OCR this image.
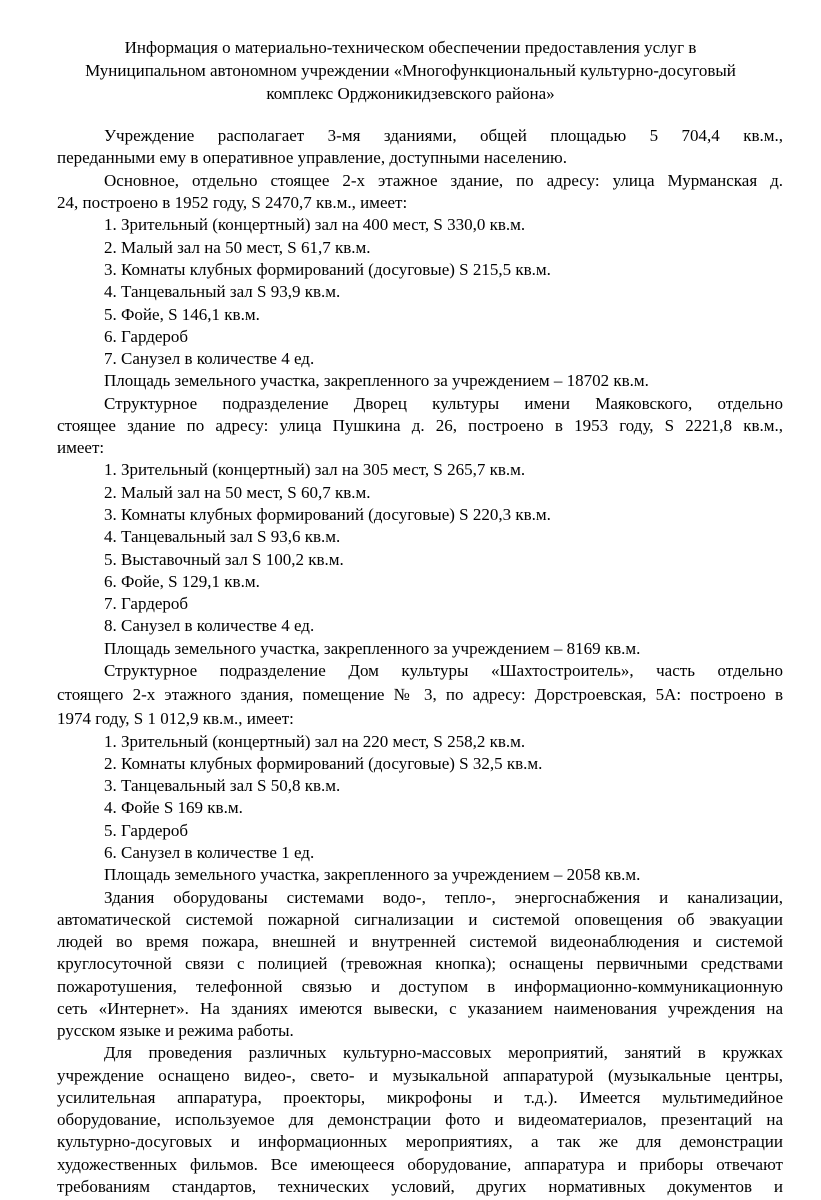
Информация о материально-техническом обеспечении предоставления услуг в
Муниципальном автономном учреждении «Многофункциональный культурно-досуговый
комплекс Орджоникидзевского района»
Учреждение располагает 3-мя зданиями, общей площадью 5 704,4 кв.м.,
переданными ему в оперативное управление, доступными населению.
Основное, отдельно стоящее 2-х этажное здание, по адресу: улица Мурманская д.
24, построено в 1952 году, S 2470,7 кв.м., имеет:
1. Зрительный (концертный) зал на 400 мест, S 330,0 кв.м.
2. Малый зал на 50 мест, S 61,7 кв.м.
3. Комнаты клубных формирований (досуговые) S 215,5 кв.м.
4. Танцевальный зал S 93,9 кв.м.
5. Фойе, S 146,1 кв.м.
6. Гардероб
7. Санузел в количестве 4 ед.
Площадь земельного участка, закрепленного за учреждением – 18702 кв.м.
Структурное подразделение Дворец культуры имени Маяковского, отдельно
стоящее здание по адресу: улица Пушкина д. 26, построено в 1953 году, S 2221,8 кв.м.,
имеет:
1. Зрительный (концертный) зал на 305 мест, S 265,7 кв.м.
2. Малый зал на 50 мест, S 60,7 кв.м.
3. Комнаты клубных формирований (досуговые) S 220,3 кв.м.
4. Танцевальный зал S 93,6 кв.м.
5. Выставочный зал S 100,2 кв.м.
6. Фойе, S 129,1 кв.м.
7. Гардероб
8. Санузел в количестве 4 ед.
Площадь земельного участка, закрепленного за учреждением – 8169 кв.м.
Структурное подразделение Дом культуры «Шахтостроитель», часть отдельно
стоящего 2-х этажного здания, помещение № 3, по адресу: Дорстроевская, 5А: построено в
1974 году, S 1 012,9 кв.м., имеет:
1. Зрительный (концертный) зал на 220 мест, S 258,2 кв.м.
2. Комнаты клубных формирований (досуговые) S 32,5 кв.м.
3. Танцевальный зал S 50,8 кв.м.
4. Фойе S 169 кв.м.
5. Гардероб
6. Санузел в количестве 1 ед.
Площадь земельного участка, закрепленного за учреждением – 2058 кв.м.
Здания оборудованы системами водо-, тепло-, энергоснабжения и канализации,
автоматической системой пожарной сигнализации и системой оповещения об эвакуации
людей во время пожара, внешней и внутренней системой видеонаблюдения и системой
круглосуточной связи с полицией (тревожная кнопка); оснащены первичными средствами
пожаротушения, телефонной связью и доступом в информационно-коммуникационную
сеть «Интернет». На зданиях имеются вывески, с указанием наименования учреждения на
русском языке и режима работы.
Для проведения различных культурно-массовых мероприятий, занятий в кружках
учреждение оснащено видео-, свето- и музыкальной аппаратурой (музыкальные центры,
усилительная аппаратура, проекторы, микрофоны и т.д.). Имеется мультимедийное
оборудование, используемое для демонстрации фото и видеоматериалов, презентаций на
культурно-досуговых и информационных мероприятиях, а так же для демонстрации
художественных фильмов. Все имеющееся оборудование, аппаратура и приборы отвечают
требованиям стандартов, технических условий, других нормативных документов и
